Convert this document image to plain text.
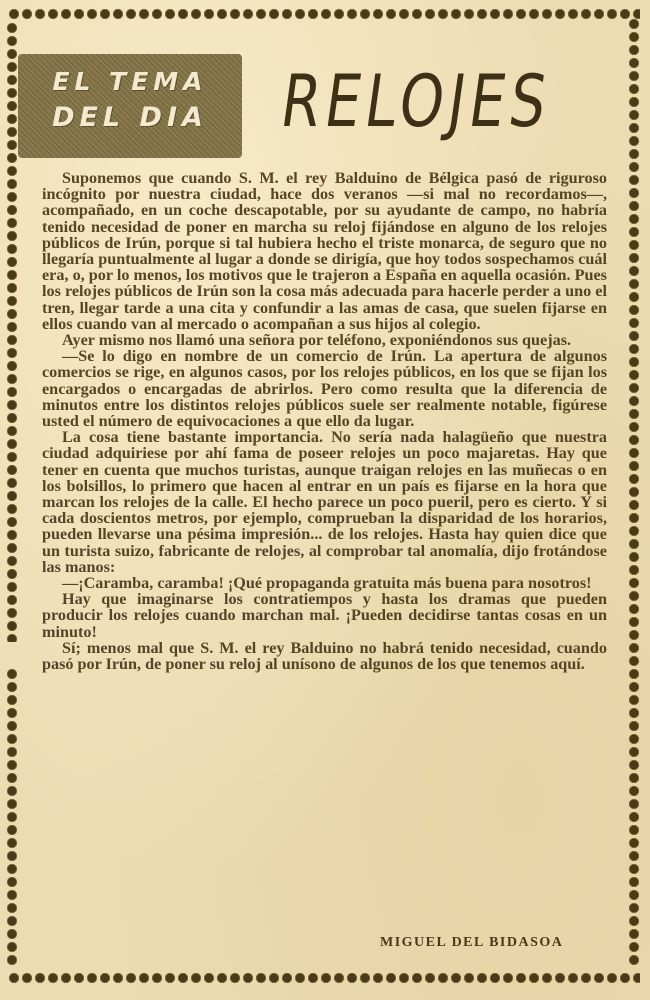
EL TEMA
DEL DIA RELOJES

Suponemos que cuando S. M. el rey Balduino de Bélgica pasó de riguroso incógnito por nuestra ciudad, hace dos veranos —si mal no recordamos—, acompañado, en un coche descapotable, por su ayudante de campo, no habría tenido necesidad de poner en marcha su reloj fijándose en alguno de los relojes públicos de Irún, porque si tal hubiera hecho el triste monarca, de seguro que no llegaría puntualmente al lugar a donde se dirigía, que hoy todos sospechamos cuál era, o, por lo menos, los motivos que le trajeron a España en aquella ocasión. Pues los relojes públicos de Irún son la cosa más adecuada para hacerle perder a uno el tren, llegar tarde a una cita y confundir a las amas de casa, que suelen fijarse en ellos cuando van al mercado o acompañan a sus hijos al colegio.

Ayer mismo nos llamó una señora por teléfono, exponiéndonos sus quejas.

—Se lo digo en nombre de un comercio de Irún. La apertura de algunos comercios se rige, en algunos casos, por los relojes públicos, en los que se fijan los encargados o encargadas de abrirlos. Pero como resulta que la diferencia de minutos entre los distintos relojes públicos suele ser realmente notable, figúrese usted el número de equivocaciones a que ello da lugar.

La cosa tiene bastante importancia. No sería nada halagüeño que nuestra ciudad adquiriese por ahí fama de poseer relojes un poco majaretas. Hay que tener en cuenta que muchos turistas, aunque traigan relojes en las muñecas o en los bolsillos, lo primero que hacen al entrar en un país es fijarse en la hora que marcan los relojes de la calle. El hecho parece un poco pueril, pero es cierto. Y si cada doscientos metros, por ejemplo, comprueban la disparidad de los horarios, pueden llevarse una pésima impresión... de los relojes. Hasta hay quien dice que un turista suizo, fabricante de relojes, al comprobar tal anomalía, dijo frotándose las manos:

—¡Caramba, caramba! ¡Qué propaganda gratuita más buena para nosotros!

Hay que imaginarse los contratiempos y hasta los dramas que pueden producir los relojes cuando marchan mal. ¡Pueden decidirse tantas cosas en un minuto!

Sí; menos mal que S. M. el rey Balduino no habrá tenido necesidad, cuando pasó por Irún, de poner su reloj al unísono de algunos de los que tenemos aquí.

MIGUEL DEL BIDASOA
